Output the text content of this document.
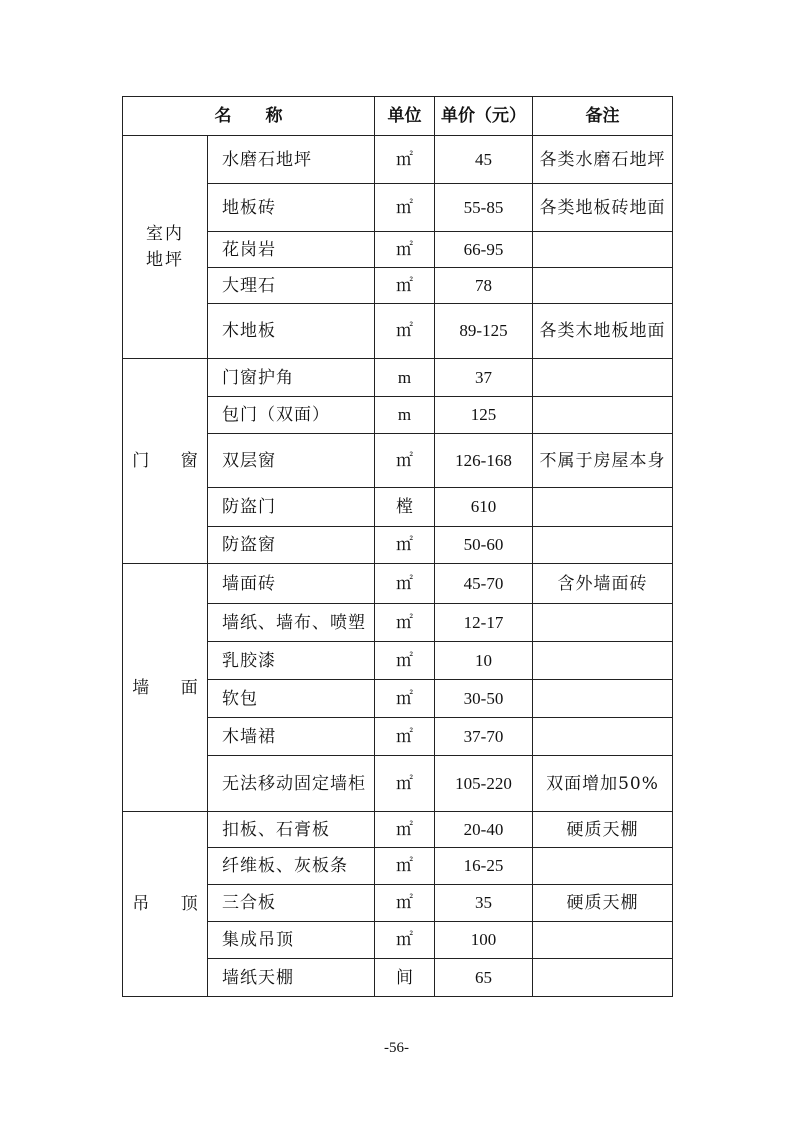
名　　称		单位	单价（元）	备注
室内地坪	水磨石地坪	㎡	45	各类水磨石地坪
	地板砖	㎡	55-85	各类地板砖地面
	花岗岩	㎡	66-95	
	大理石	㎡	78	
	木地板	㎡	89-125	各类木地板地面
门 窗	门窗护角	m	37	
	包门（双面）	m	125	
	双层窗	㎡	126-168	不属于房屋本身
	防盗门	樘	610	
	防盗窗	㎡	50-60	
墙 面	墙面砖	㎡	45-70	含外墙面砖
	墙纸、墙布、喷塑	㎡	12-17	
	乳胶漆	㎡	10	
	软包	㎡	30-50	
	木墙裙	㎡	37-70	
	无法移动固定墙柜	㎡	105-220	双面增加50%
吊 顶	扣板、石膏板	㎡	20-40	硬质天棚
	纤维板、灰板条	㎡	16-25	
	三合板	㎡	35	硬质天棚
	集成吊顶	㎡	100	
	墙纸天棚	间	65	
-56-
